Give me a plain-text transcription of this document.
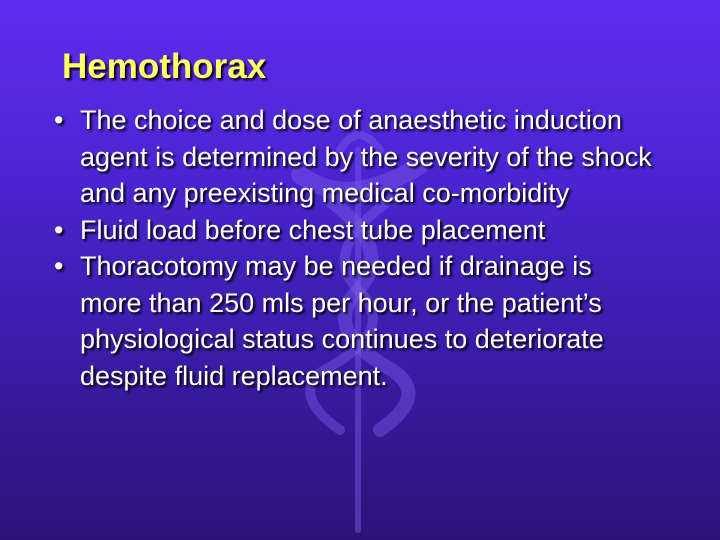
Hemothorax
• The choice and dose of anaesthetic induction agent is determined by the severity of the shock and any preexisting medical co-morbidity
• Fluid load before chest tube placement
• Thoracotomy may be needed if drainage is more than 250 mls per hour, or the patient’s physiological status continues to deteriorate despite fluid replacement.
